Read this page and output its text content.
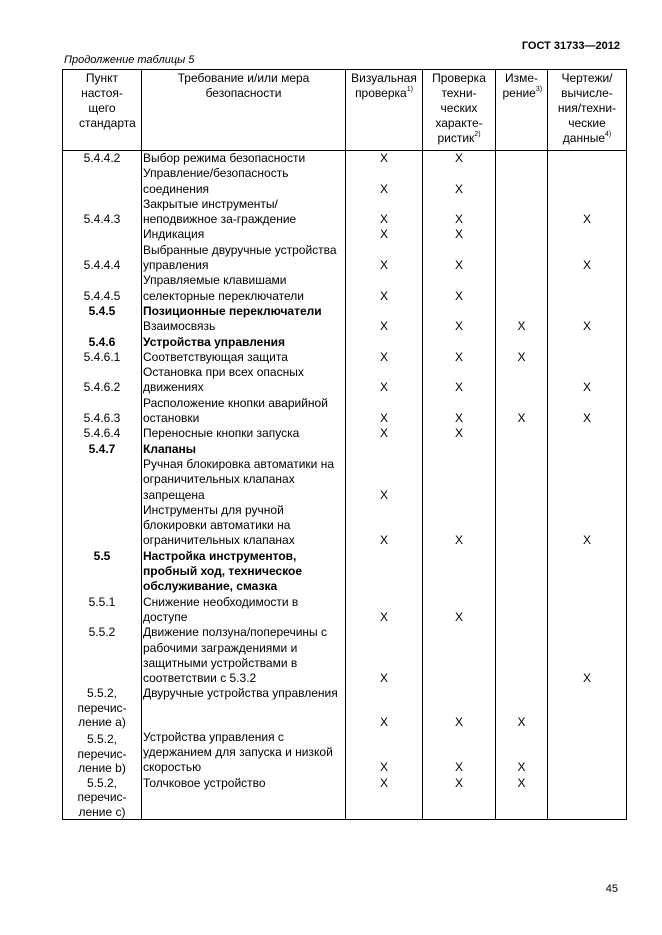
ГОСТ 31733—2012
Продолжение таблицы 5
Пункт настоя-щего стандарта	Требование и/или мера безопасности	Визуальная проверка$^{1)}$	Проверка техни-ческих характе-ристик$^{2)}$	Изме-рение$^{3)}$	Чертежи/ вычисле-ния/техни-ческие данные$^{4)}$

5.4.4.2	Выбор режима безопасности	X	X		
	Управление/безопасность соединения	X	X		
5.4.4.3	Закрытые инструменты/неподвижное за-граждение	X	X		X
	Индикация	X	X		
5.4.4.4	Выбранные двуручные устройства управления	X	X		X
5.4.4.5	Управляемые клавишами селекторные переключатели	X	X		
5.4.5	Позиционные переключатели				
	Взаимосвязь	X	X	X	X
5.4.6	Устройства управления				
5.4.6.1	Соответствующая защита	X	X	X	
5.4.6.2	Остановка при всех опасных движениях	X	X		X
5.4.6.3	Расположение кнопки аварийной остановки	X	X	X	X
5.4.6.4	Переносные кнопки запуска	X	X		
5.4.7	Клапаны				
	Ручная блокировка автоматики на ограничительных клапанах запрещена	X			
	Инструменты для ручной блокировки автоматики на ограничительных клапанах	X	X		X
5.5	Настройка инструментов, пробный ход, техническое обслуживание, смазка				
5.5.1	Снижение необходимости в доступе	X	X		
5.5.2	Движение ползуна/поперечины с рабочими заграждениями и защитными устройствами в соответствии с 5.3.2	X			X
5.5.2, перечис-ление a)	Двуручные устройства управления	X	X	X	
5.5.2, перечис-ление b)	Устройства управления с удержанием для запуска и низкой скоростью	X	X	X	
5.5.2, перечис-ление c)	Толчковое устройство	X	X	X	
45
